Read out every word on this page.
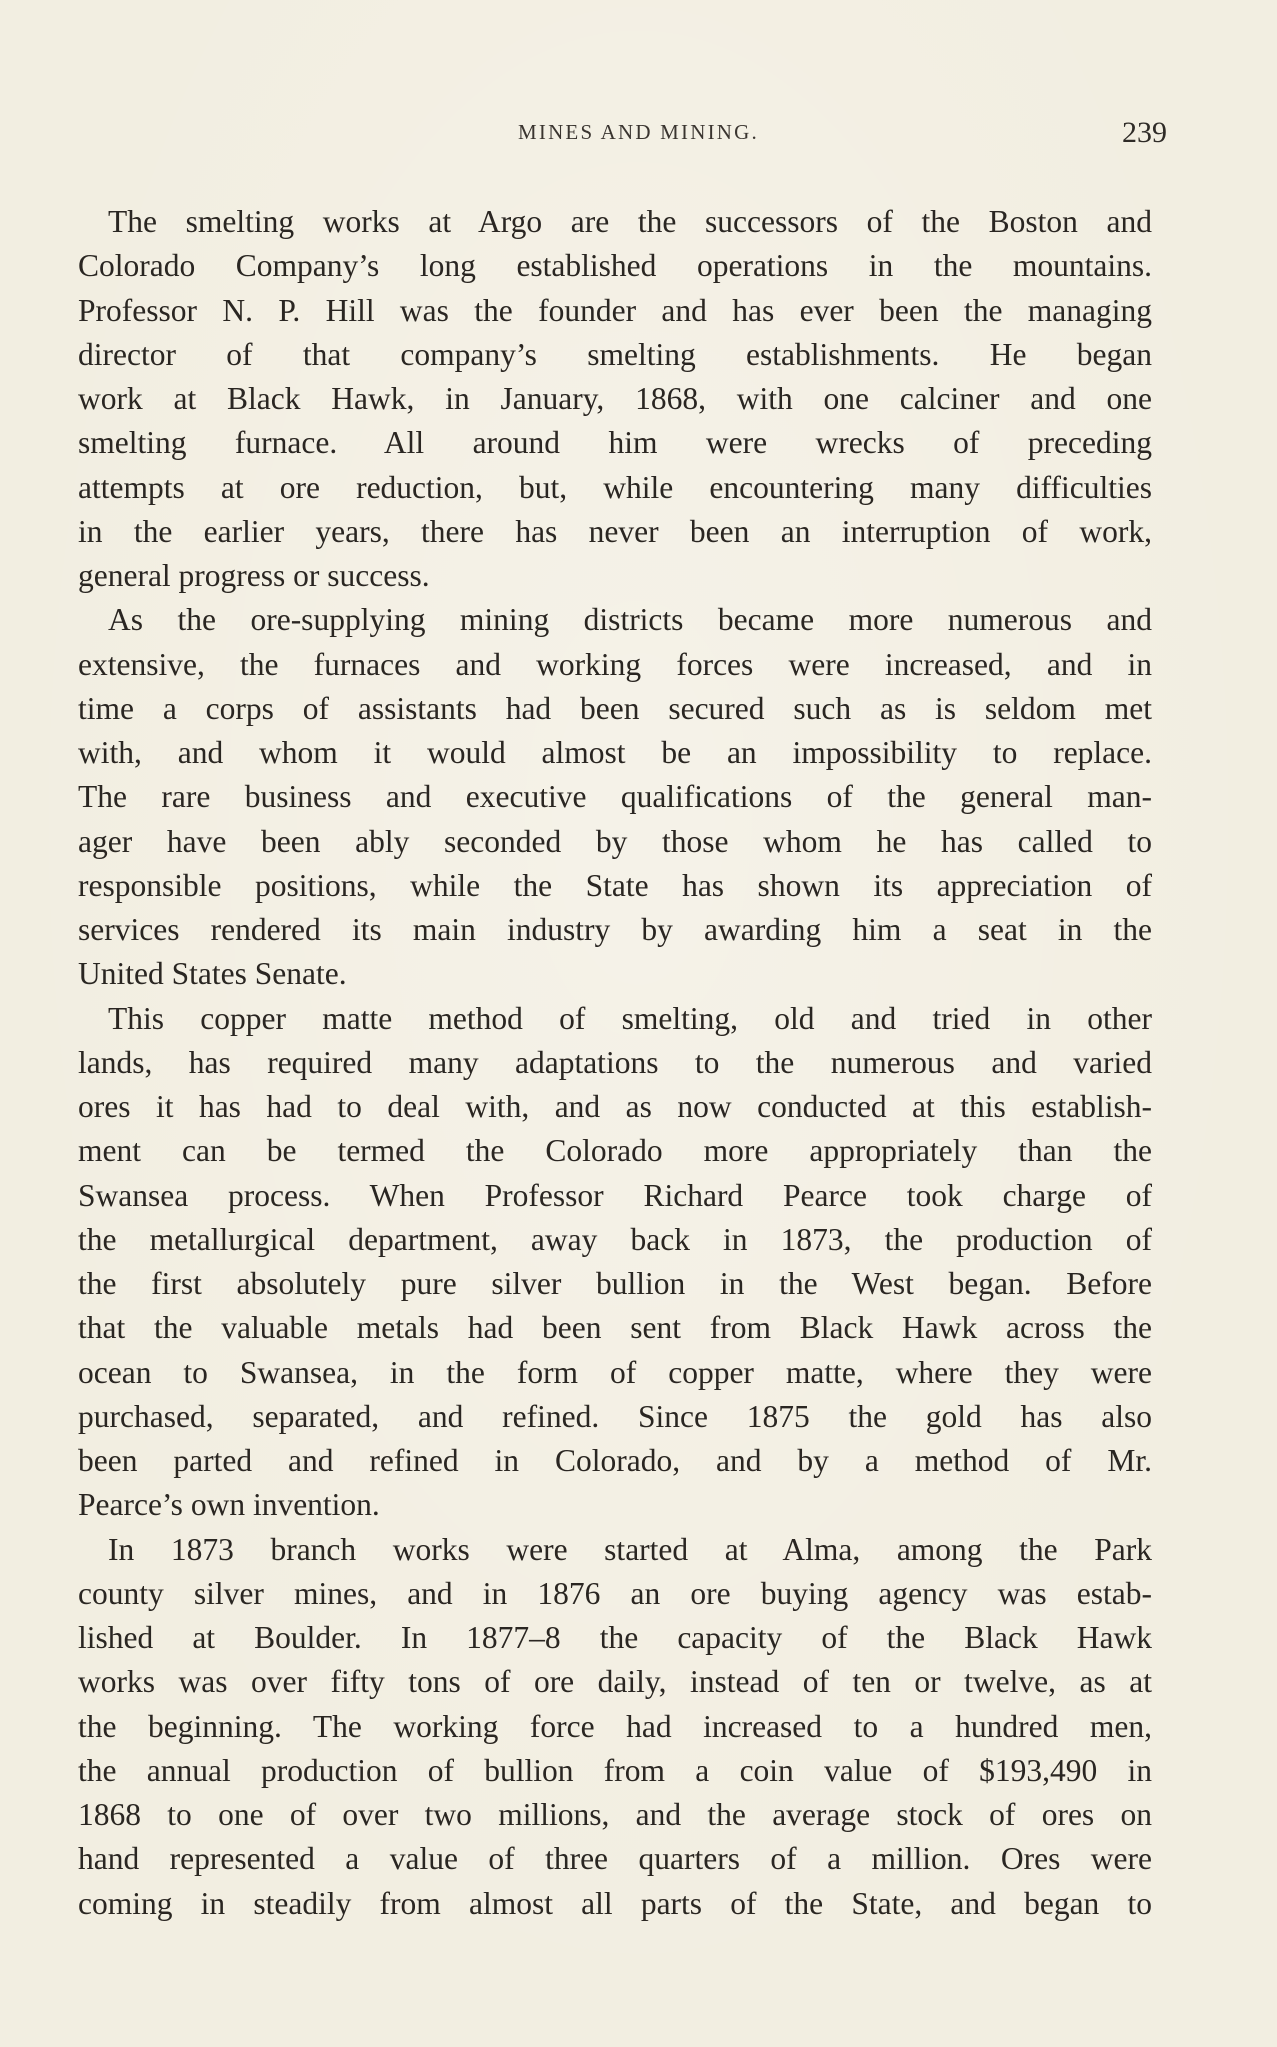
MINES AND MINING.	239
The smelting works at Argo are the successors of the Boston and
Colorado Company’s long established operations in the mountains.
Professor N. P. Hill was the founder and has ever been the managing
director of that company’s smelting establishments. He began
work at Black Hawk, in January, 1868, with one calciner and one
smelting furnace. All around him were wrecks of preceding
attempts at ore reduction, but, while encountering many difficulties
in the earlier years, there has never been an interruption of work,
general progress or success.
As the ore-supplying mining districts became more numerous and
extensive, the furnaces and working forces were increased, and in
time a corps of assistants had been secured such as is seldom met
with, and whom it would almost be an impossibility to replace.
The rare business and executive qualifications of the general man-
ager have been ably seconded by those whom he has called to
responsible positions, while the State has shown its appreciation of
services rendered its main industry by awarding him a seat in the
United States Senate.
This copper matte method of smelting, old and tried in other
lands, has required many adaptations to the numerous and varied
ores it has had to deal with, and as now conducted at this establish-
ment can be termed the Colorado more appropriately than the
Swansea process. When Professor Richard Pearce took charge of
the metallurgical department, away back in 1873, the production of
the first absolutely pure silver bullion in the West began. Before
that the valuable metals had been sent from Black Hawk across the
ocean to Swansea, in the form of copper matte, where they were
purchased, separated, and refined. Since 1875 the gold has also
been parted and refined in Colorado, and by a method of Mr.
Pearce’s own invention.
In 1873 branch works were started at Alma, among the Park
county silver mines, and in 1876 an ore buying agency was estab-
lished at Boulder. In 1877–8 the capacity of the Black Hawk
works was over fifty tons of ore daily, instead of ten or twelve, as at
the beginning. The working force had increased to a hundred men,
the annual production of bullion from a coin value of $193,490 in
1868 to one of over two millions, and the average stock of ores on
hand represented a value of three quarters of a million. Ores were
coming in steadily from almost all parts of the State, and began to
